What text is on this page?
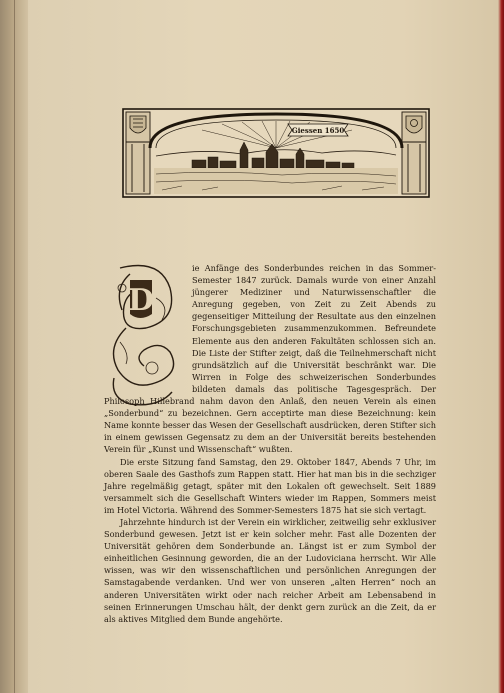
Giessen 1650
D

ie Anfänge des Sonderbundes reichen in das Sommer-Semester 1847 zurück. Damals wurde von einer Anzahl jüngerer Mediziner und Naturwissenschaftler die Anregung gegeben, von Zeit zu Zeit Abends zu gegenseitiger Mitteilung der Resultate aus den einzelnen Forschungsgebieten zusammenzukommen. Befreundete Elemente aus den anderen Fakultäten schlossen sich an. Die Liste der Stifter zeigt, daß die Teilnehmerschaft nicht grundsätzlich auf die Universität beschränkt war. Die Wirren in Folge des schweizerischen Sonderbundes bildeten damals das politische Tagesgespräch. Der Philosoph Hillebrand nahm davon den Anlaß, den neuen Verein als einen „Sonderbund“ zu bezeichnen. Gern acceptirte man diese Bezeichnung: kein Name konnte besser das Wesen der Gesellschaft ausdrücken, deren Stifter sich in einem gewissen Gegensatz zu dem an der Universität bereits bestehenden Verein für „Kunst und Wissenschaft“ wußten.

Die erste Sitzung fand Samstag, den 29. Oktober 1847, Abends 7 Uhr, im oberen Saale des Gasthofs zum Rappen statt. Hier hat man bis in die sechziger Jahre regelmäßig getagt, später mit den Lokalen oft gewechselt. Seit 1889 versammelt sich die Gesellschaft Winters wieder im Rappen, Sommers meist im Hotel Victoria. Während des Sommer-Semesters 1875 hat sie sich vertagt.

Jahrzehnte hindurch ist der Verein ein wirklicher, zeitweilig sehr exklusiver Sonderbund gewesen. Jetzt ist er kein solcher mehr. Fast alle Dozenten der Universität gehören dem Sonderbunde an. Längst ist er zum Symbol der einheitlichen Gesinnung geworden, die an der Ludoviciana herrscht. Wir Alle wissen, was wir den wissenschaftlichen und persönlichen Anregungen der Samstagabende verdanken. Und wer von unseren „alten Herren“ noch an anderen Universitäten wirkt oder nach reicher Arbeit am Lebensabend in seinen Erinnerungen Umschau hält, der denkt gern zurück an die Zeit, da er als aktives Mitglied dem Bunde angehörte.
